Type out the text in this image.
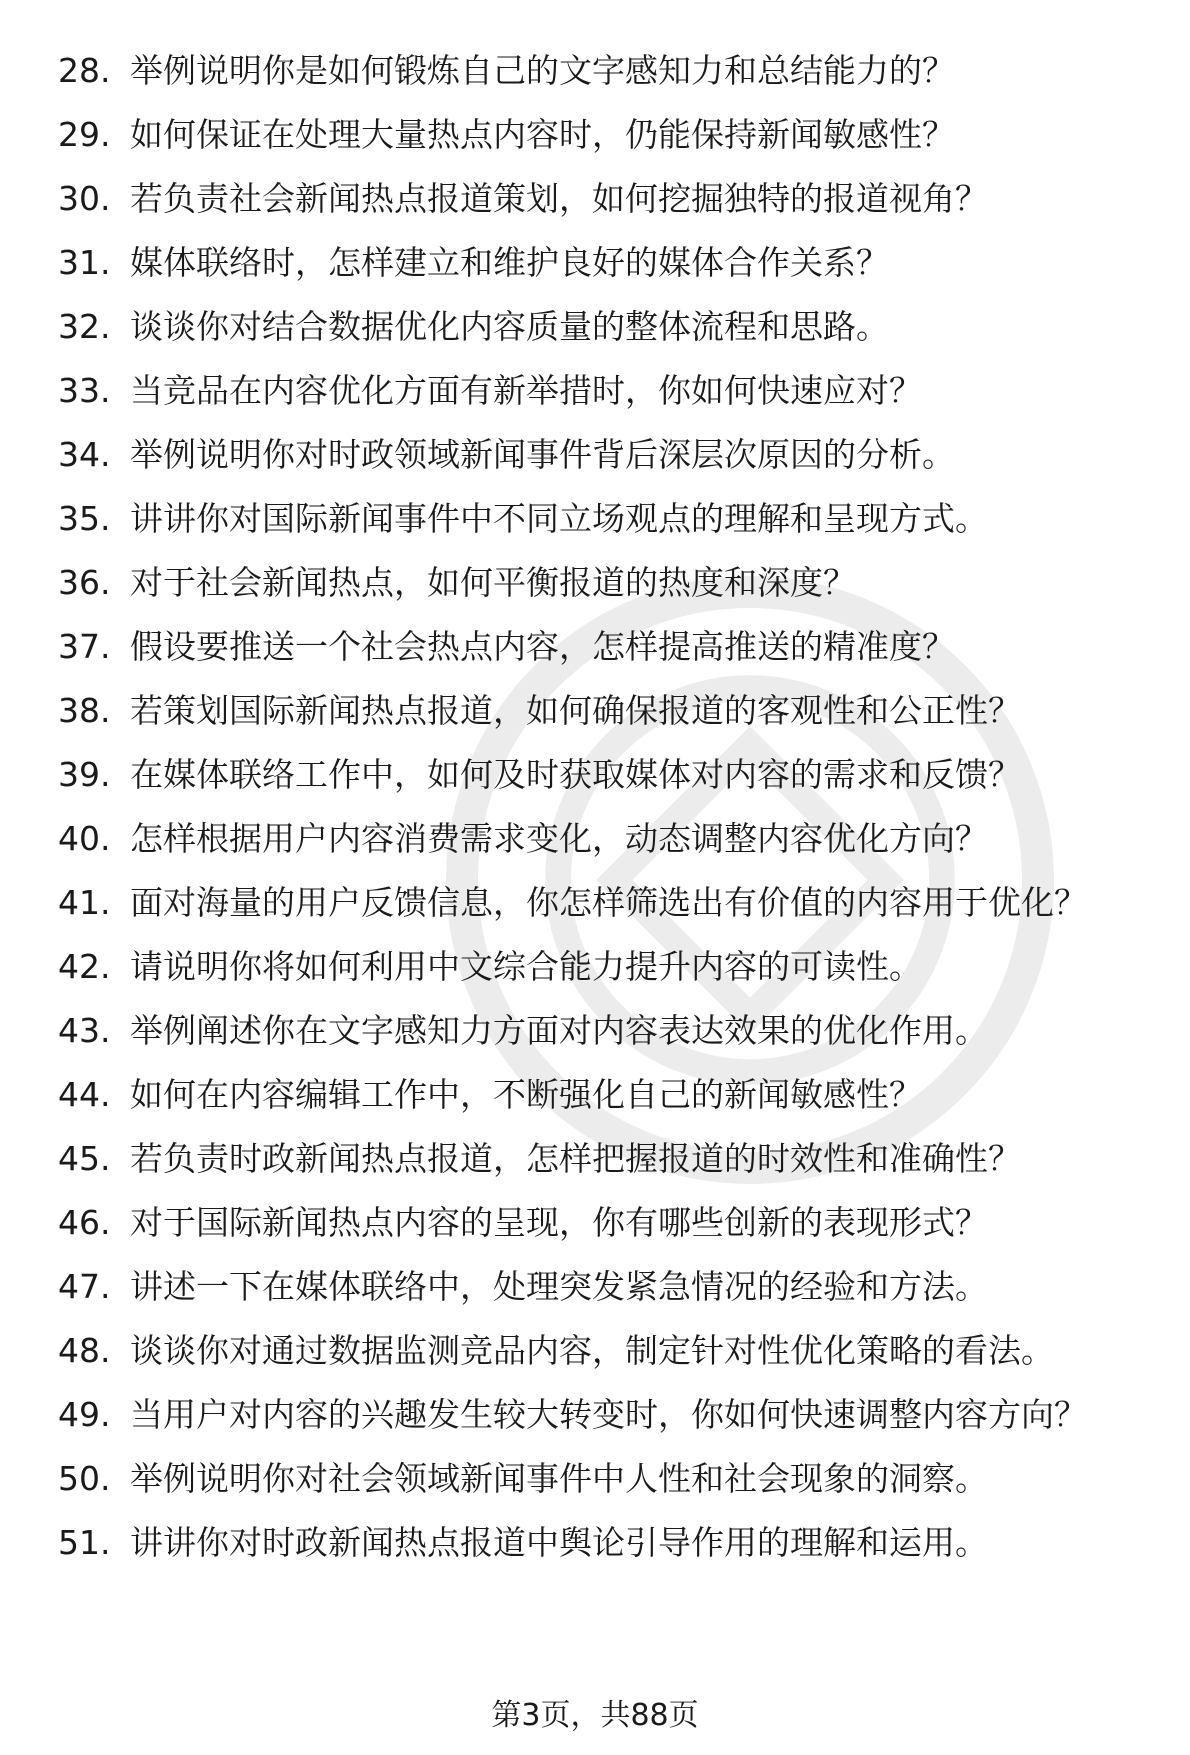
28. 举例说明你是如何锻炼自己的文字感知力和总结能力的？
29. 如何保证在处理大量热点内容时，仍能保持新闻敏感性？
30. 若负责社会新闻热点报道策划，如何挖掘独特的报道视角？
31. 媒体联络时，怎样建立和维护良好的媒体合作关系？
32. 谈谈你对结合数据优化内容质量的整体流程和思路。
33. 当竞品在内容优化方面有新举措时，你如何快速应对？
34. 举例说明你对时政领域新闻事件背后深层次原因的分析。
35. 讲讲你对国际新闻事件中不同立场观点的理解和呈现方式。
36. 对于社会新闻热点，如何平衡报道的热度和深度？
37. 假设要推送一个社会热点内容，怎样提高推送的精准度？
38. 若策划国际新闻热点报道，如何确保报道的客观性和公正性？
39. 在媒体联络工作中，如何及时获取媒体对内容的需求和反馈？
40. 怎样根据用户内容消费需求变化，动态调整内容优化方向？
41. 面对海量的用户反馈信息，你怎样筛选出有价值的内容用于优化？
42. 请说明你将如何利用中文综合能力提升内容的可读性。
43. 举例阐述你在文字感知力方面对内容表达效果的优化作用。
44. 如何在内容编辑工作中，不断强化自己的新闻敏感性？
45. 若负责时政新闻热点报道，怎样把握报道的时效性和准确性？
46. 对于国际新闻热点内容的呈现，你有哪些创新的表现形式？
47. 讲述一下在媒体联络中，处理突发紧急情况的经验和方法。
48. 谈谈你对通过数据监测竞品内容，制定针对性优化策略的看法。
49. 当用户对内容的兴趣发生较大转变时，你如何快速调整内容方向？
50. 举例说明你对社会领域新闻事件中人性和社会现象的洞察。
51. 讲讲你对时政新闻热点报道中舆论引导作用的理解和运用。
第3页，共88页
